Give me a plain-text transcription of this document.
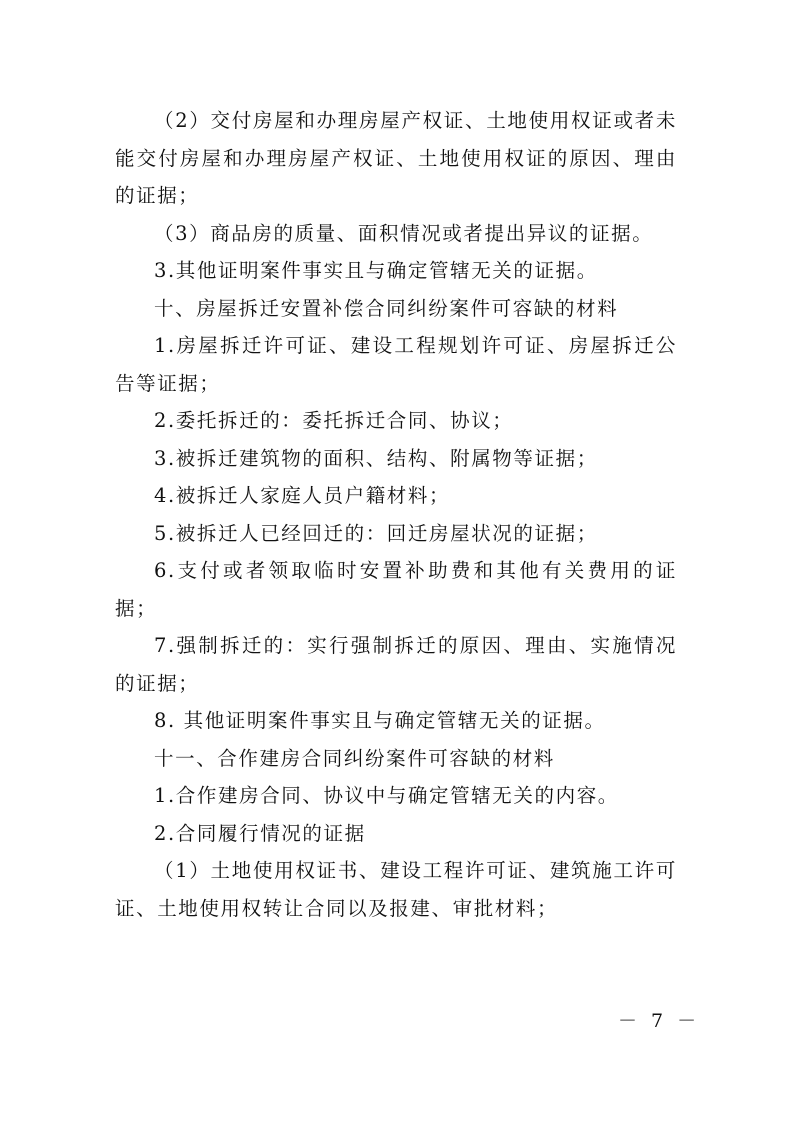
（2）交付房屋和办理房屋产权证、土地使用权证或者未能交付房屋和办理房屋产权证、土地使用权证的原因、理由的证据；

（3）商品房的质量、面积情况或者提出异议的证据。

3.其他证明案件事实且与确定管辖无关的证据。

十、房屋拆迁安置补偿合同纠纷案件可容缺的材料

1.房屋拆迁许可证、建设工程规划许可证、房屋拆迁公告等证据；

2.委托拆迁的：委托拆迁合同、协议；

3.被拆迁建筑物的面积、结构、附属物等证据；

4.被拆迁人家庭人员户籍材料；

5.被拆迁人已经回迁的：回迁房屋状况的证据；

6.支付或者领取临时安置补助费和其他有关费用的证据；

7.强制拆迁的：实行强制拆迁的原因、理由、实施情况的证据；

8. 其他证明案件事实且与确定管辖无关的证据。

十一、合作建房合同纠纷案件可容缺的材料

1.合作建房合同、协议中与确定管辖无关的内容。

2.合同履行情况的证据

（1）土地使用权证书、建设工程许可证、建筑施工许可证、土地使用权转让合同以及报建、审批材料；

－ 7 －
